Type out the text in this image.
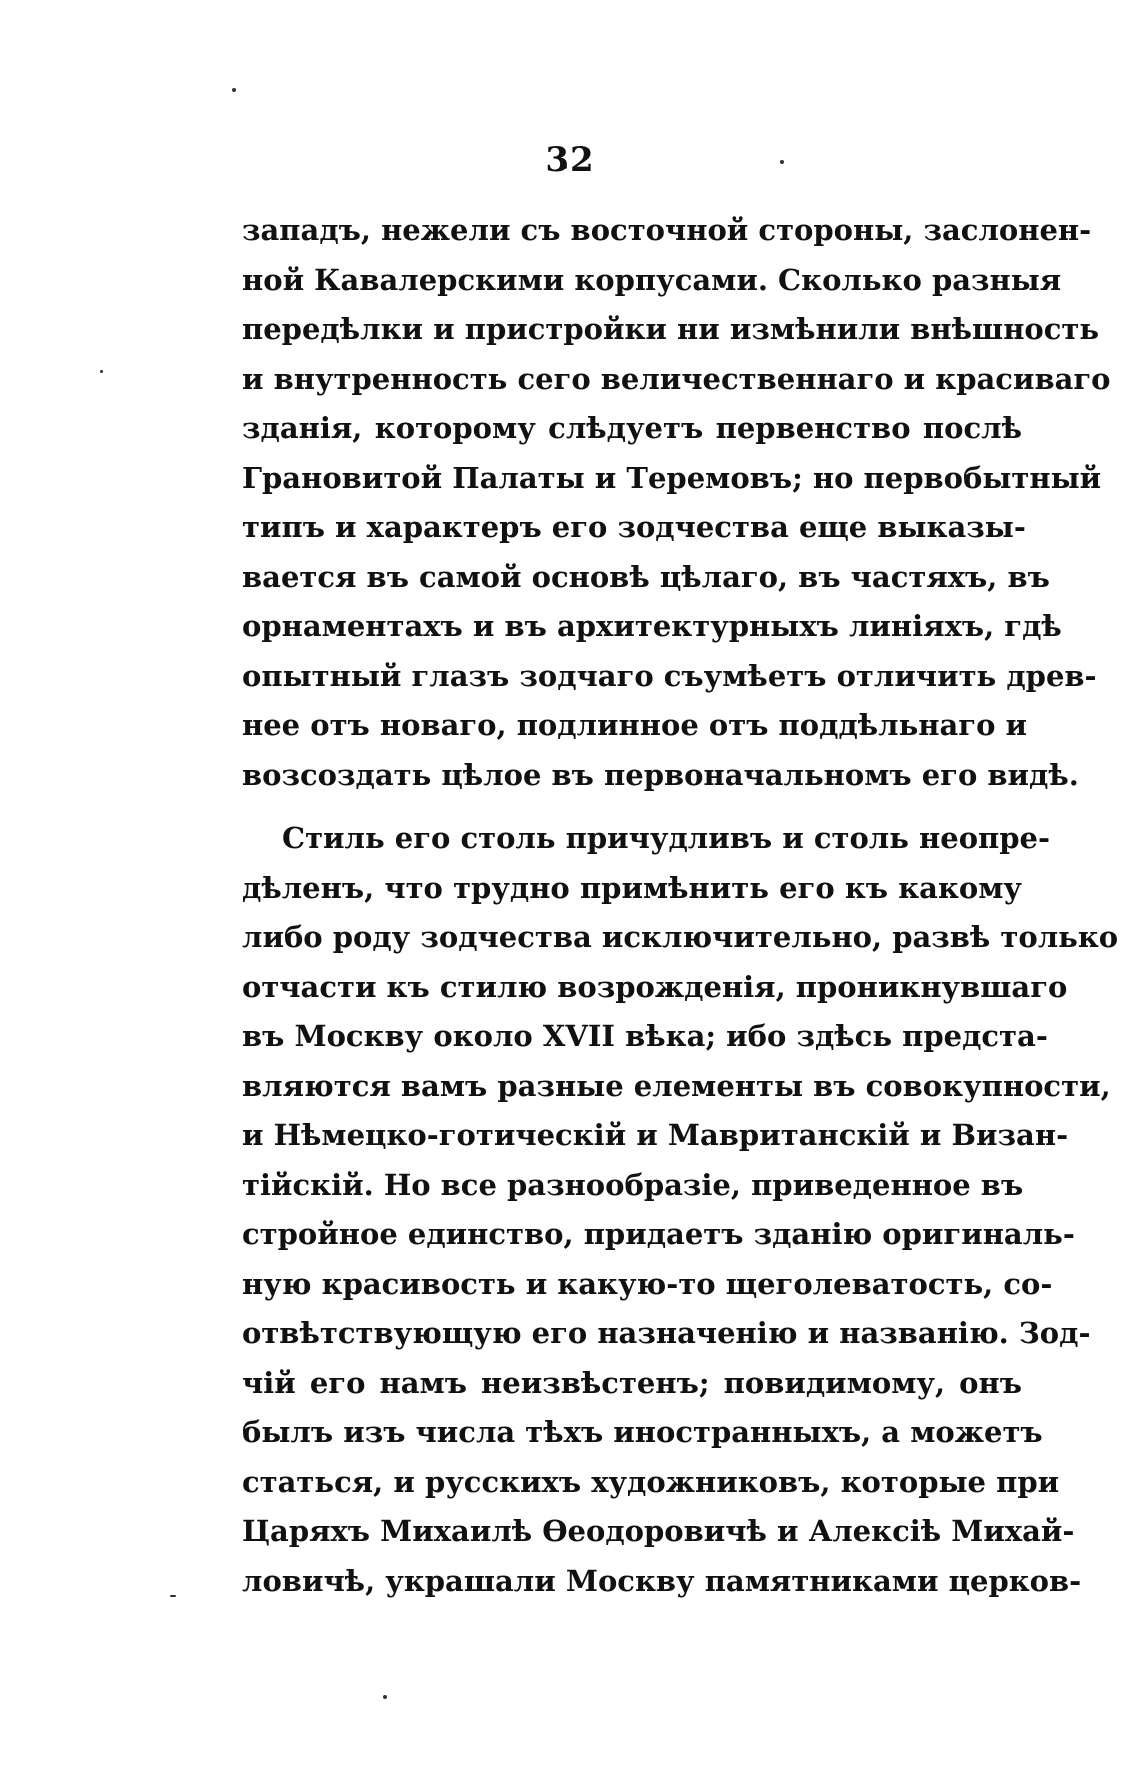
32
западъ, нежели съ восточной стороны, заслонен-
ной Кавалерскими корпусами. Сколько разныя
передѣлки и пристройки ни измѣнили внѣшность
и внутренность сего величественнаго и красиваго
зданія, которому слѣдуетъ первенство послѣ
Грановитой Палаты и Теремовъ; но первобытный
типъ и характеръ его зодчества еще выказы-
вается въ самой основѣ цѣлаго, въ частяхъ, въ
орнаментахъ и въ архитектурныхъ линіяхъ, гдѣ
опытный глазъ зодчаго съумѣетъ отличить древ-
нее отъ новаго, подлинное отъ поддѣльнаго и
возсоздать цѣлое въ первоначальномъ его видѣ.
Стиль его столь причудливъ и столь неопре-
дѣленъ, что трудно примѣнить его къ какому
либо роду зодчества исключительно, развѣ только
отчасти къ стилю возрожденія, проникнувшаго
въ Москву около XVII вѣка; ибо здѣсь предста-
вляются вамъ разные елементы въ совокупности,
и Нѣмецко-готическій и Мавританскій и Визан-
тійскій. Но все разнообразіе, приведенное въ
стройное единство, придаетъ зданію оригиналь-
ную красивость и какую-то щеголеватость, со-
отвѣтствующую его назначенію и названію. Зод-
чій его намъ неизвѣстенъ; повидимому, онъ
былъ изъ числа тѣхъ иностранныхъ, а можетъ
статься, и русскихъ художниковъ, которые при
Царяхъ Михаилѣ Ѳеодоровичѣ и Алексіѣ Михай-
ловичѣ, украшали Москву памятниками церков-
